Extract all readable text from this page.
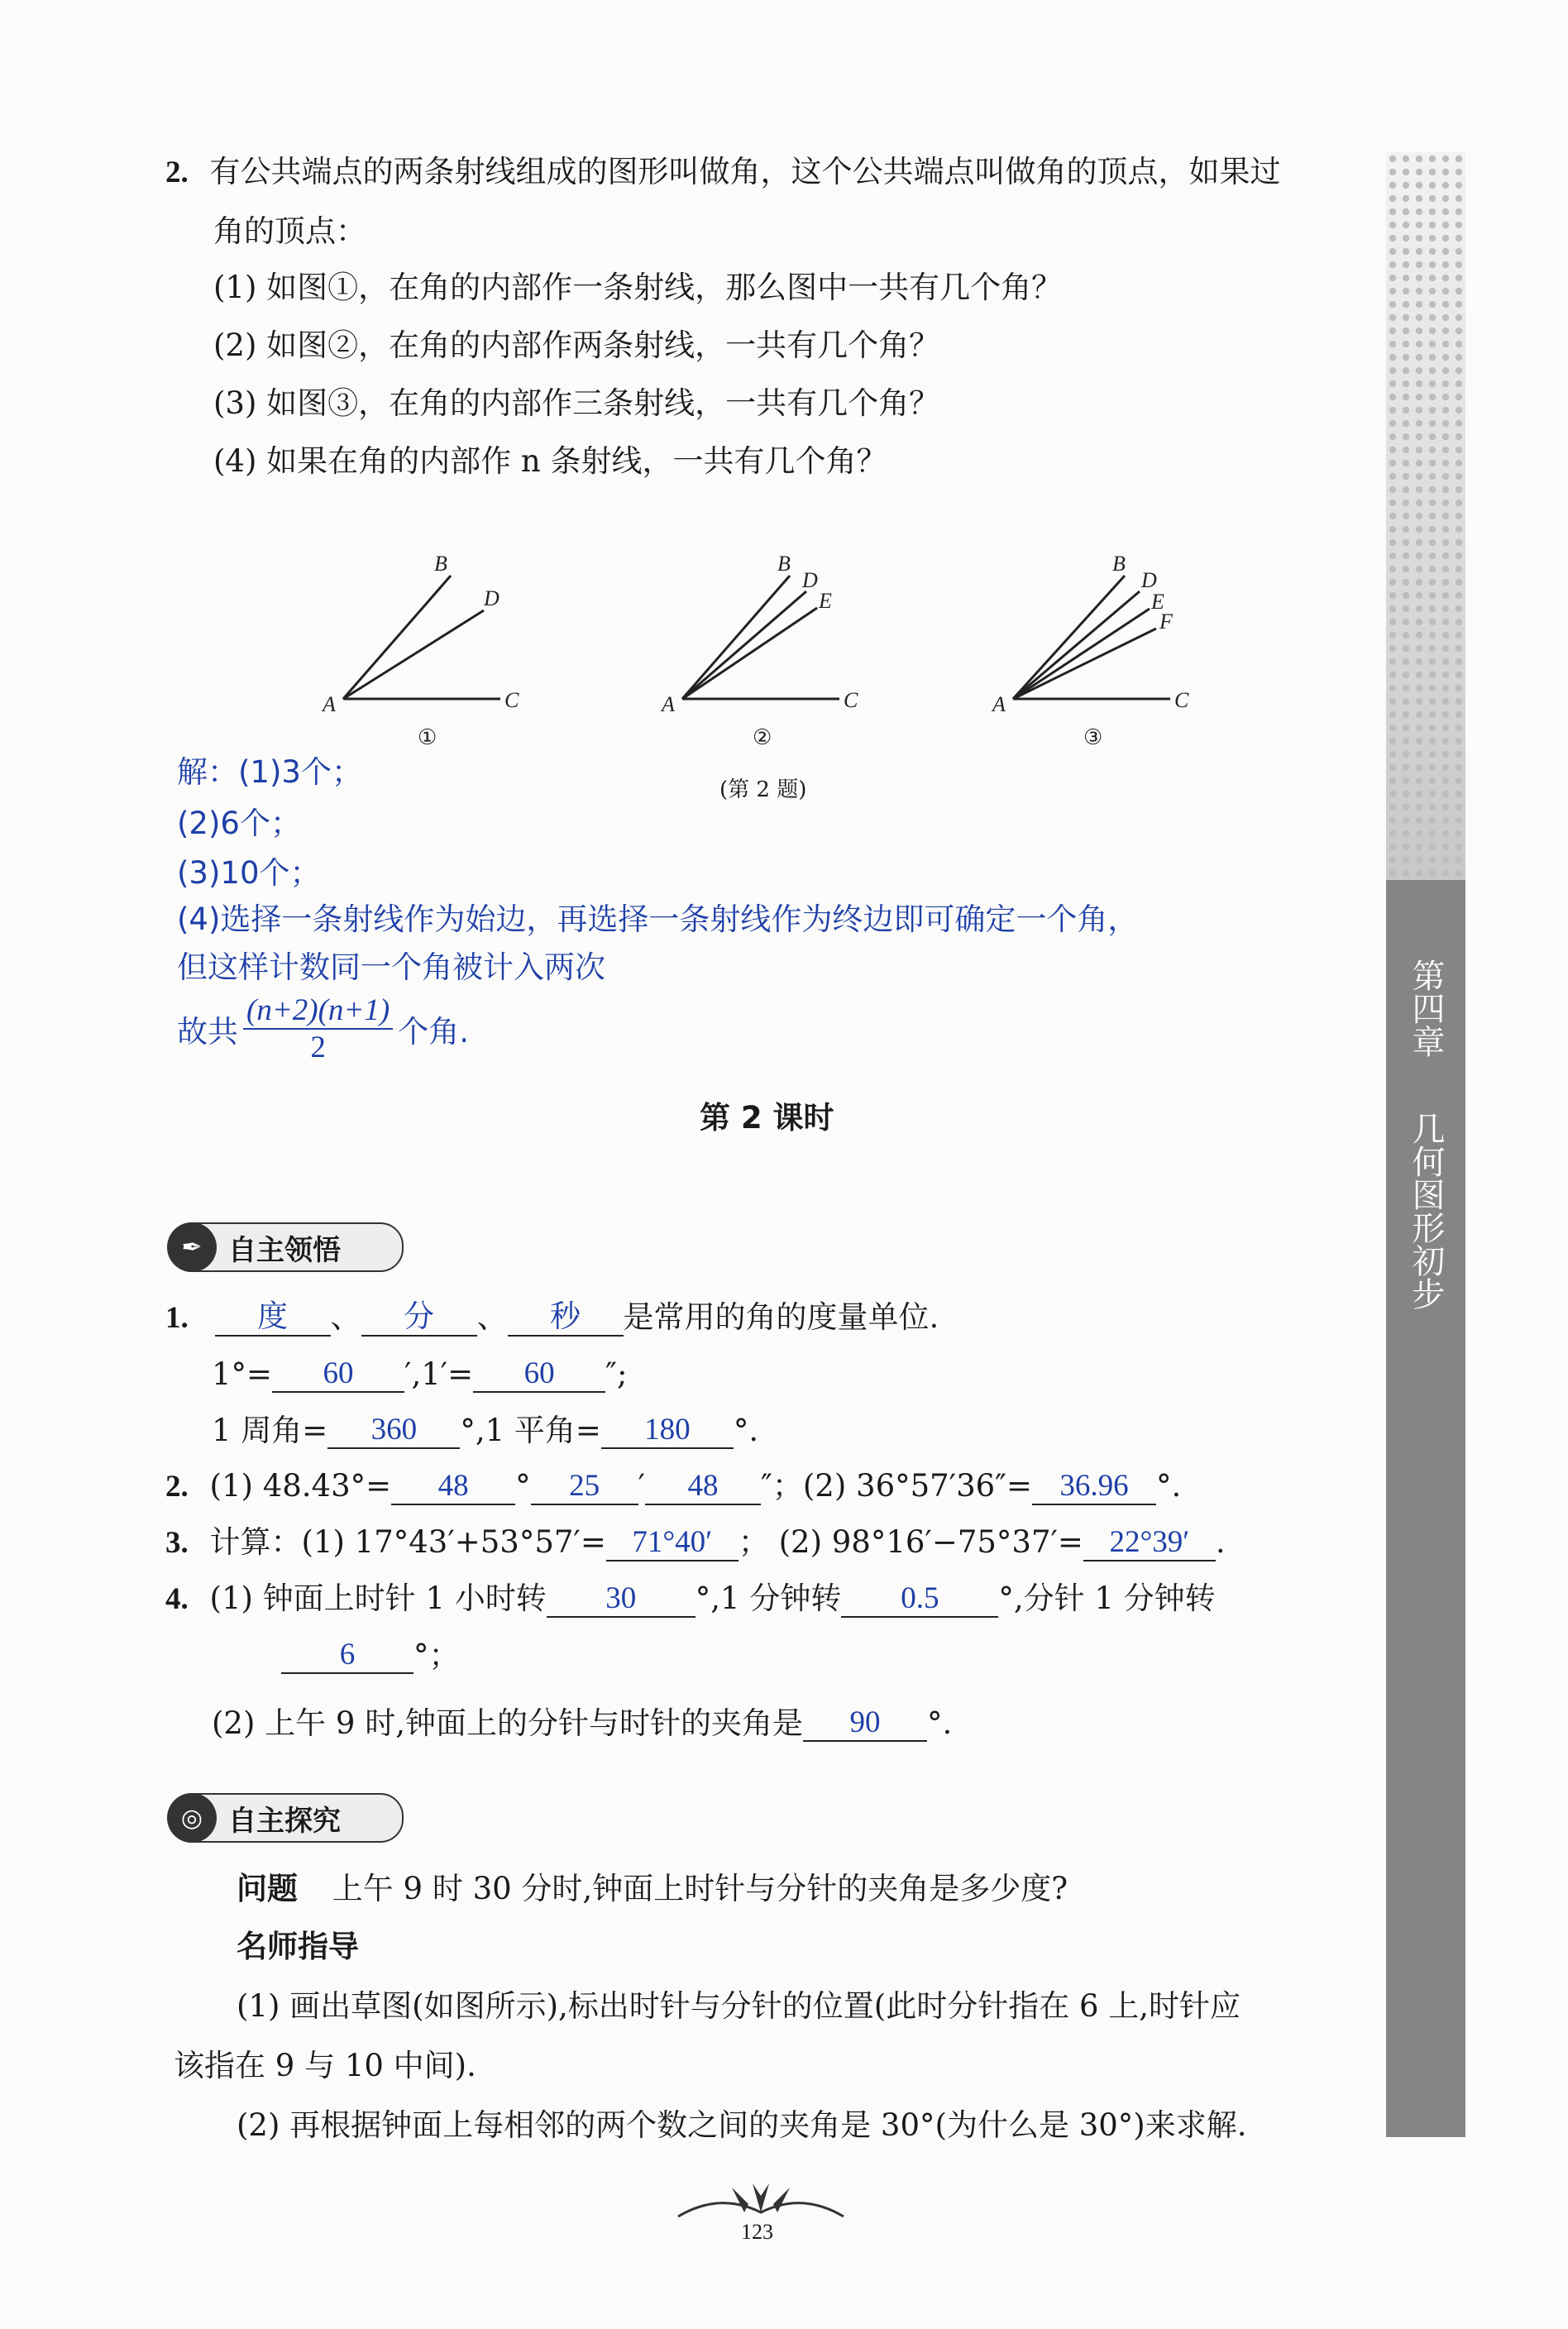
第四章
几何图形初步
2. 有公共端点的两条射线组成的图形叫做角，这个公共端点叫做角的顶点，如果过
角的顶点：
(1) 如图①，在角的内部作一条射线，那么图中一共有几个角？
(2) 如图②，在角的内部作两条射线，一共有几个角？
(3) 如图③，在角的内部作三条射线，一共有几个角？
(4) 如果在角的内部作 n 条射线，一共有几个角？
A
B
D
C
①
A
B
D
E
C
②
A
B
D
E
F
C
③
(第 2 题)
解：(1)3个；
(2)6个；
(3)10个；
(4)选择一条射线作为始边，再选择一条射线作为终边即可确定一个角，
但这样计数同一个角被计入两次
故共
(n+2)(n+1)
2 个角.
第 2 课时
✒ 自主领悟
1. 度 、 分 、 秒 是常用的角的度量单位.
1°= 60 ′,1′= 60 ″;
1 周角= 360 °,1 平角= 180 °.
2. (1) 48.43°= 48 ° 25 ′ 48 ″；(2) 36°57′36″= 36.96 °.
3. 计算：(1) 17°43′+53°57′= 71°40′ ； (2) 98°16′−75°37′= 22°39′ .
4. (1) 钟面上时针 1 小时转 30 °,1 分钟转 0.5 °,分针 1 分钟转
6 °；
(2) 上午 9 时,钟面上的分针与时针的夹角是 90 °.
◎ 自主探究
问题 上午 9 时 30 分时,钟面上时针与分针的夹角是多少度?
名师指导
(1) 画出草图(如图所示),标出时针与分针的位置(此时分针指在 6 上,时针应
该指在 9 与 10 中间).
(2) 再根据钟面上每相邻的两个数之间的夹角是 30°(为什么是 30°)来求解.
123
